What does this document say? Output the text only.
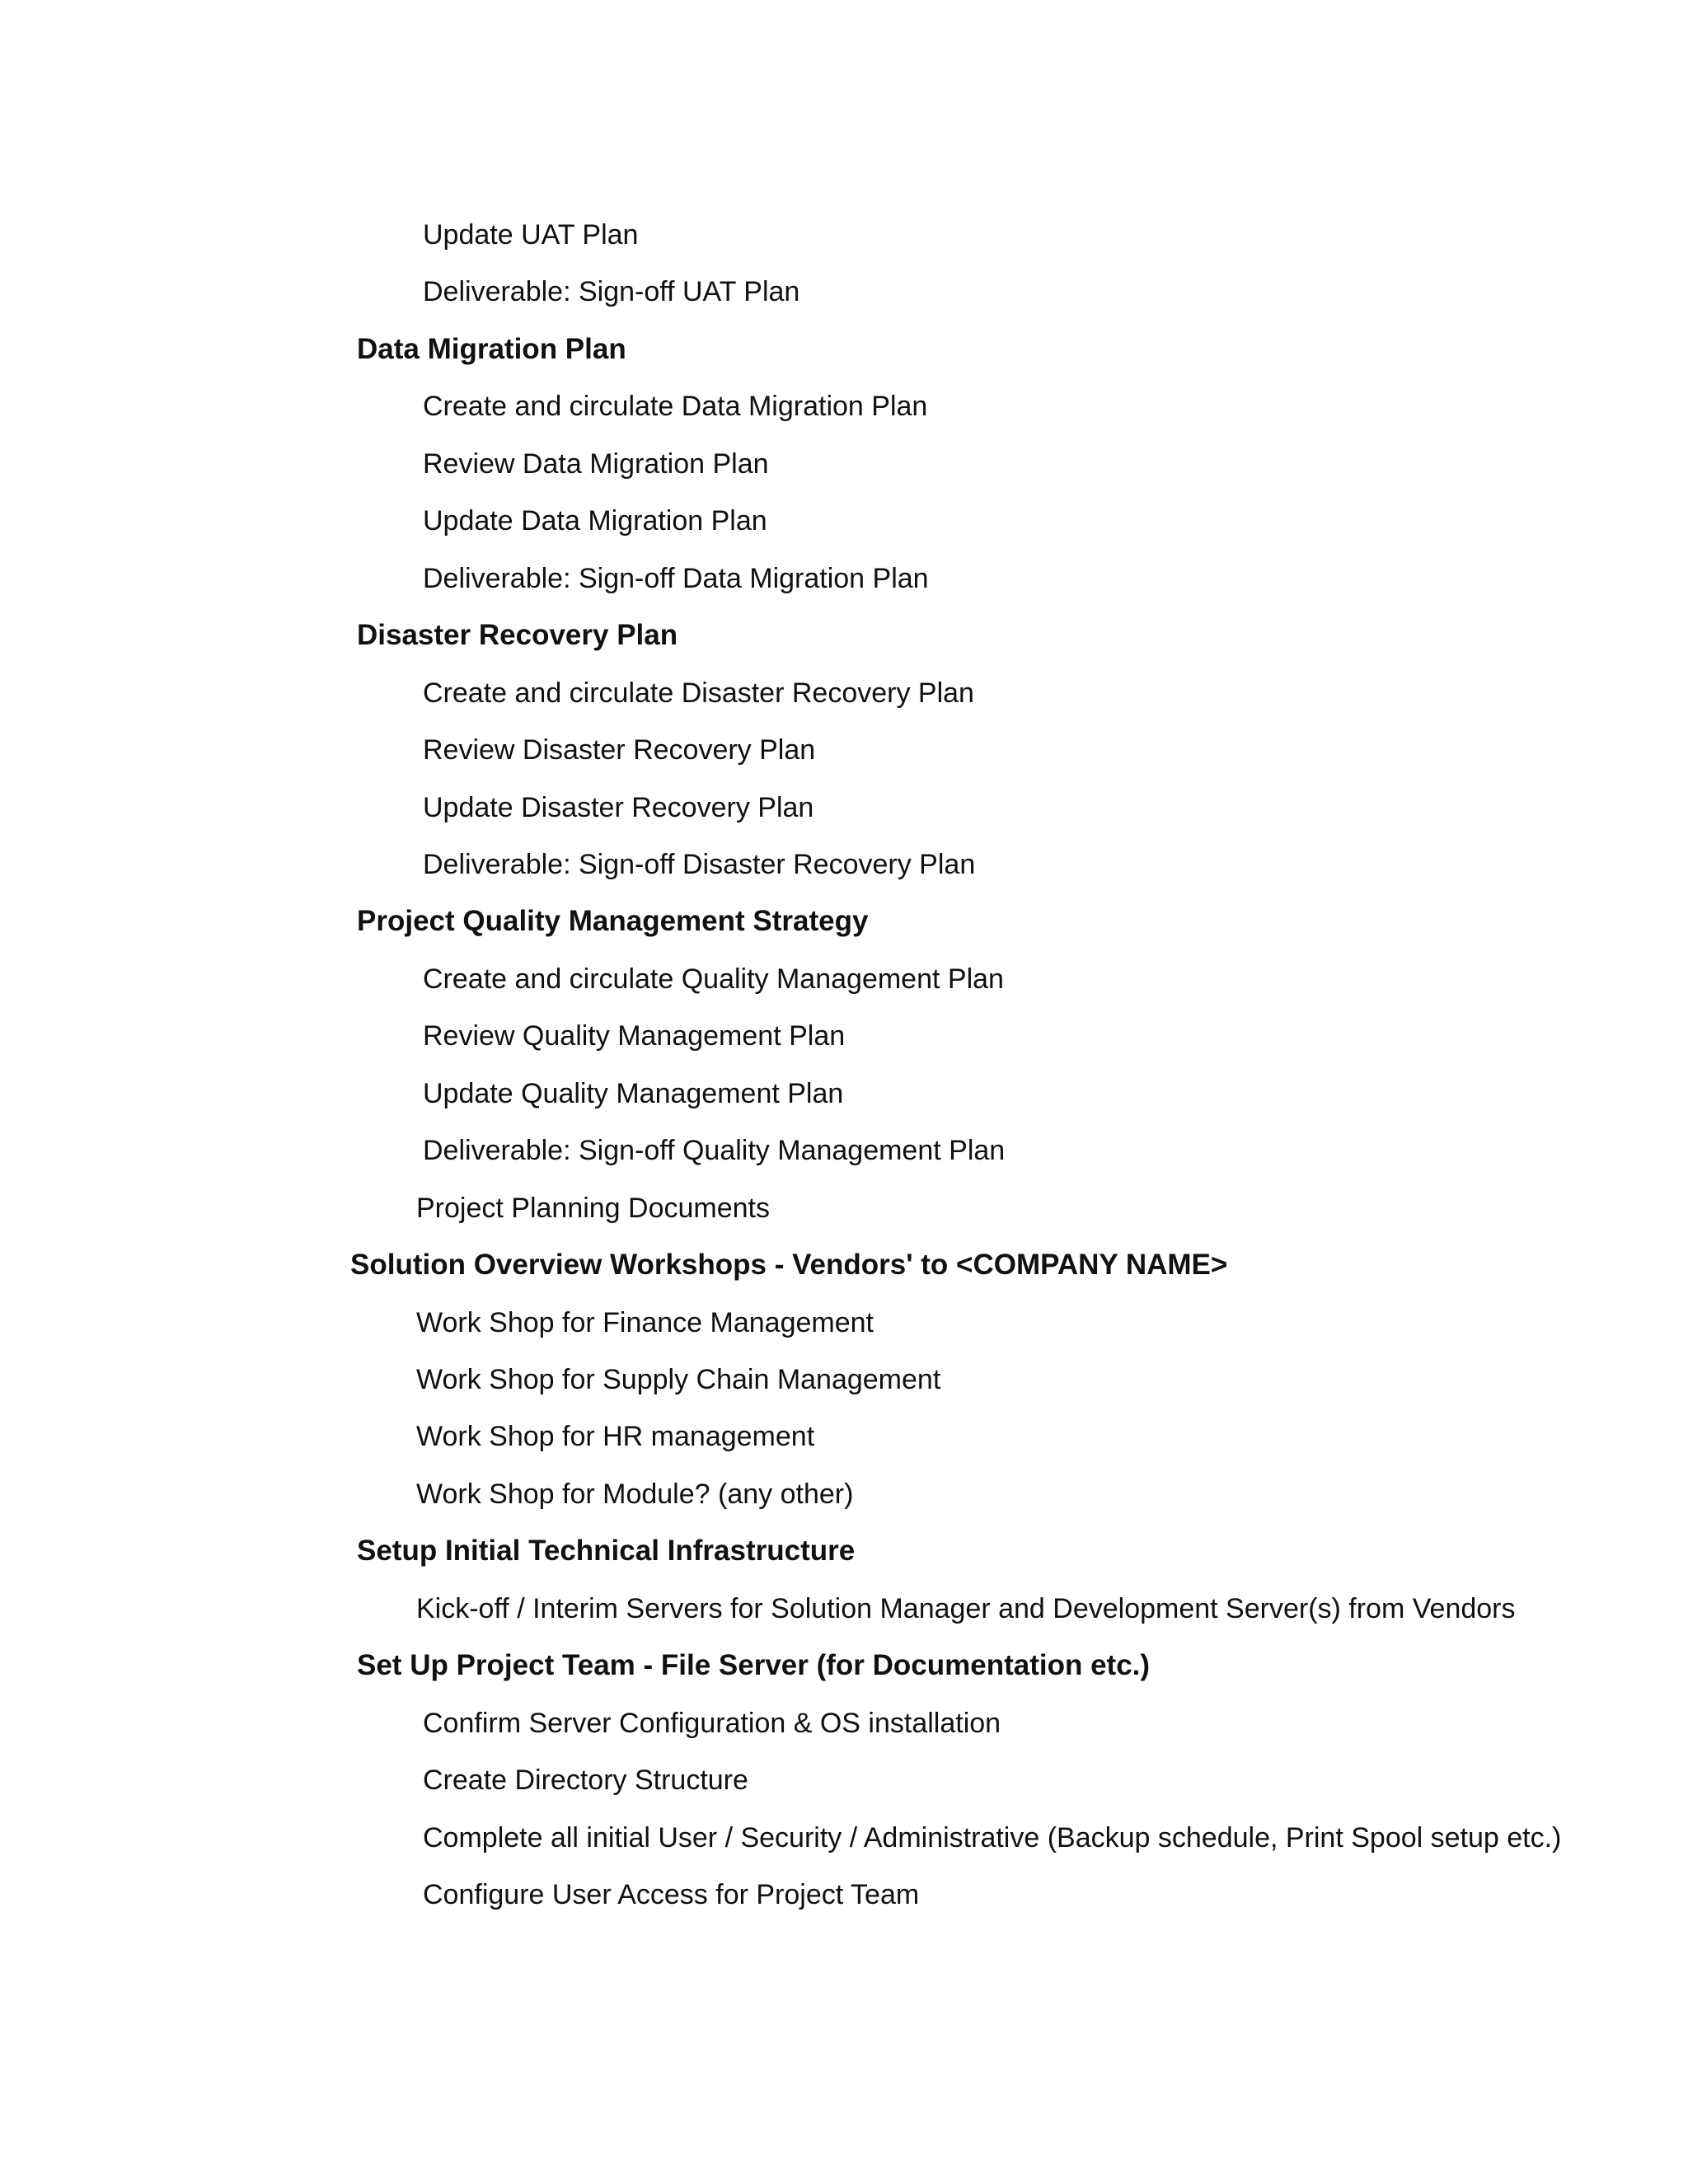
Update UAT Plan
Deliverable: Sign-off UAT Plan
Data Migration Plan
Create and circulate Data Migration Plan
Review Data Migration Plan
Update Data Migration Plan
Deliverable: Sign-off Data Migration Plan
Disaster Recovery Plan
Create and circulate Disaster Recovery Plan
Review Disaster Recovery Plan
Update Disaster Recovery Plan
Deliverable: Sign-off Disaster Recovery Plan
Project Quality Management Strategy
Create and circulate Quality Management Plan
Review Quality Management Plan
Update Quality Management Plan
Deliverable: Sign-off Quality Management Plan
Project Planning Documents
Solution Overview Workshops - Vendors' to <COMPANY NAME>
Work Shop for Finance Management
Work Shop for Supply Chain Management
Work Shop for HR management
Work Shop for Module? (any other)
Setup Initial Technical Infrastructure
Kick-off / Interim Servers for Solution Manager and Development Server(s) from Vendors
Set Up Project Team - File Server (for Documentation etc.)
Confirm Server Configuration & OS installation
Create Directory Structure
Complete all initial User / Security / Administrative (Backup schedule, Print Spool setup etc.)
Configure User Access for Project Team
